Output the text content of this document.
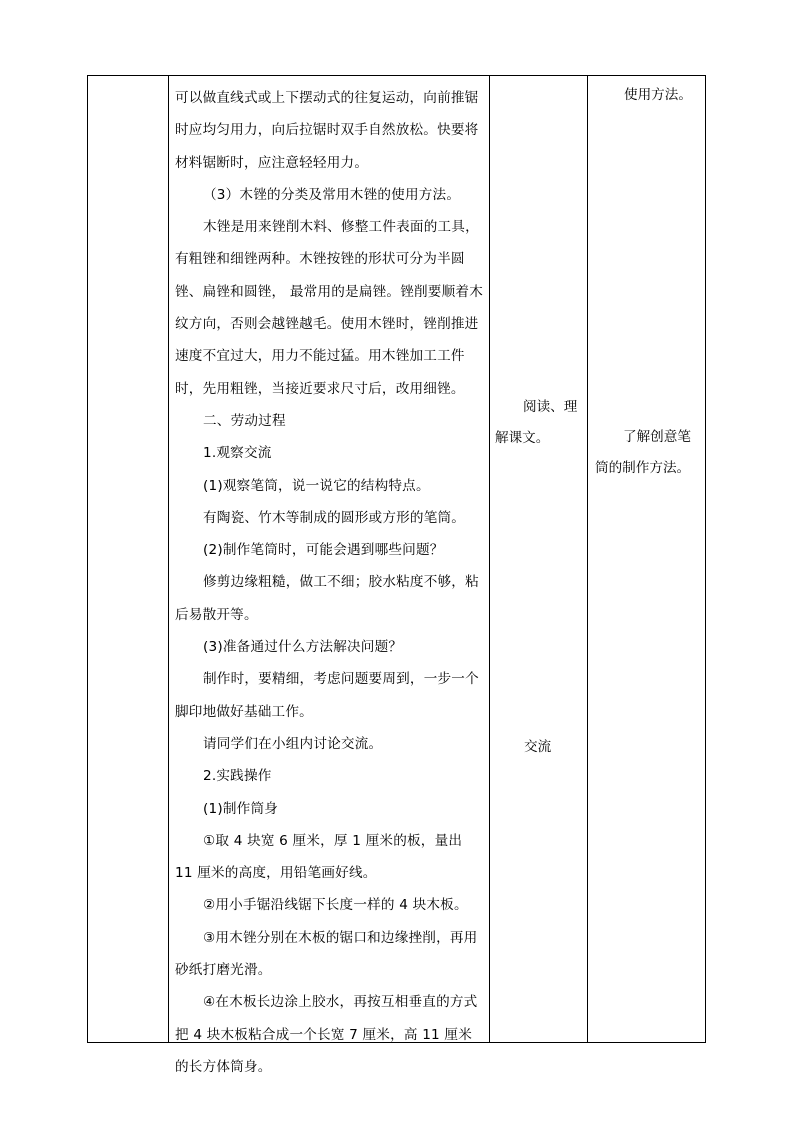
可以做直线式或上下摆动式的往复运动，向前推锯时应均匀用力，向后拉锯时双手自然放松。快要将材料锯断时，应注意轻轻用力。

（3）木锉的分类及常用木锉的使用方法。

木锉是用来锉削木料、修整工件表面的工具，有粗锉和细锉两种。木锉按锉的形状可分为半圆锉、扁锉和圆锉， 最常用的是扁锉。锉削要顺着木纹方向，否则会越锉越毛。使用木锉时，锉削推进速度不宜过大，用力不能过猛。用木锉加工工件时，先用粗锉，当接近要求尺寸后，改用细锉。

二、劳动过程

1.观察交流

(1)观察笔筒，说一说它的结构特点。

有陶瓷、竹木等制成的圆形或方形的笔筒。

(2)制作笔筒时，可能会遇到哪些问题？

修剪边缘粗糙，做工不细；胶水粘度不够，粘后易散开等。

(3)准备通过什么方法解决问题？

制作时，要精细，考虑问题要周到，一步一个脚印地做好基础工作。

请同学们在小组内讨论交流。

2.实践操作

(1)制作筒身

①取 4 块宽 6 厘米，厚 1 厘米的板，量出 11 厘米的高度，用铅笔画好线。

②用小手锯沿线锯下长度一样的 4 块木板。

③用木锉分别在木板的锯口和边缘挫削，再用砂纸打磨光滑。

④在木板长边涂上胶水，再按互相垂直的方式把 4 块木板粘合成一个长宽 7 厘米，高 11 厘米的长方体筒身。

阅读、理解课文。

交流

使用方法。

了解创意笔筒的制作方法。
